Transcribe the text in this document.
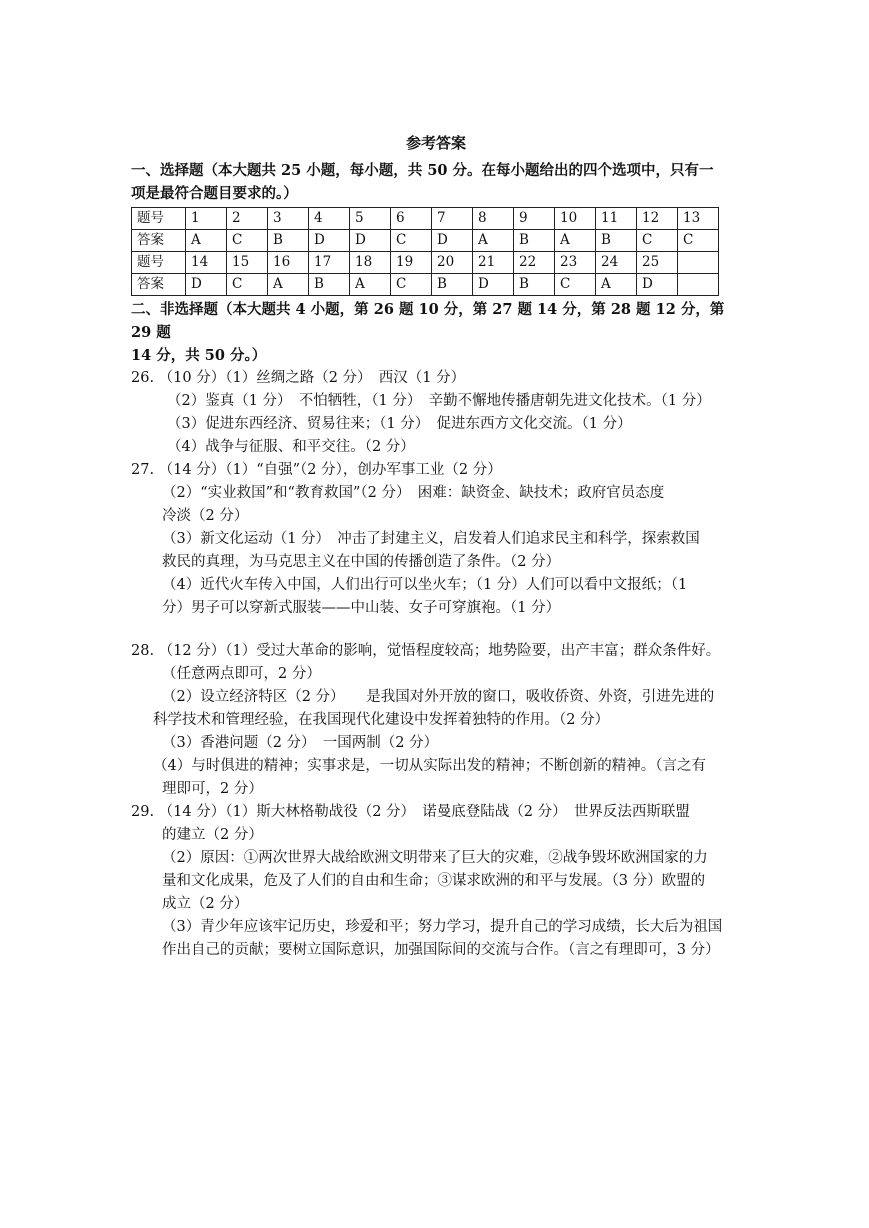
参考答案
一、选择题（本大题共 25 小题，每小题，共 50 分。在每小题给出的四个选项中，只有一
项是最符合题目要求的。）
题号	1	2	3	4	5	6	7	8	9	10	11	12	13
答案	A	C	B	D	D	C	D	A	B	A	B	C	C
题号	14	15	16	17	18	19	20	21	22	23	24	25	
答案	D	C	A	B	A	C	B	D	B	C	A	D	
二、非选择题（本大题共 4 小题，第 26 题 10 分，第 27 题 14 分，第 28 题 12 分，第 29 题
14 分，共 50 分。）
26. （10 分）（1）丝绸之路（2 分）　西汉（1 分）
（2）鉴真（1 分）　不怕牺牲，（1 分）　辛勤不懈地传播唐朝先进文化技术。（1 分）
（3）促进东西经济、贸易往来；（1 分）　促进东西方文化交流。（1 分）
（4）战争与征服、和平交往。（2 分）
27. （14 分）（1）“自强”（2 分），创办军事工业（2 分）
（2）“实业救国”和“教育救国”（2 分）　困难：缺资金、缺技术；政府官员态度
冷淡（2 分）
（3）新文化运动（1 分）　冲击了封建主义，启发着人们追求民主和科学，探索救国
救民的真理，为马克思主义在中国的传播创造了条件。（2 分）
（4）近代火车传入中国，人们出行可以坐火车；（1 分）人们可以看中文报纸；（1
分）男子可以穿新式服装——中山装、女子可穿旗袍。（1 分）
28. （12 分）（1）受过大革命的影响，觉悟程度较高；地势险要，出产丰富；群众条件好。
（任意两点即可，2 分）
（2）设立经济特区（2 分）　　是我国对外开放的窗口，吸收侨资、外资，引进先进的
科学技术和管理经验，在我国现代化建设中发挥着独特的作用。（2 分）
（3）香港问题（2 分）　一国两制（2 分）
（4）与时俱进的精神；实事求是，一切从实际出发的精神；不断创新的精神。（言之有
理即可，2 分）
29. （14 分）（1）斯大林格勒战役（2 分）　诺曼底登陆战（2 分）　世界反法西斯联盟
的建立（2 分）
（2）原因：①两次世界大战给欧洲文明带来了巨大的灾难，②战争毁坏欧洲国家的力
量和文化成果，危及了人们的自由和生命；③谋求欧洲的和平与发展。（3 分）欧盟的
成立（2 分）
（3）青少年应该牢记历史，珍爱和平；努力学习，提升自己的学习成绩，长大后为祖国
作出自己的贡献；要树立国际意识，加强国际间的交流与合作。（言之有理即可，3 分）
